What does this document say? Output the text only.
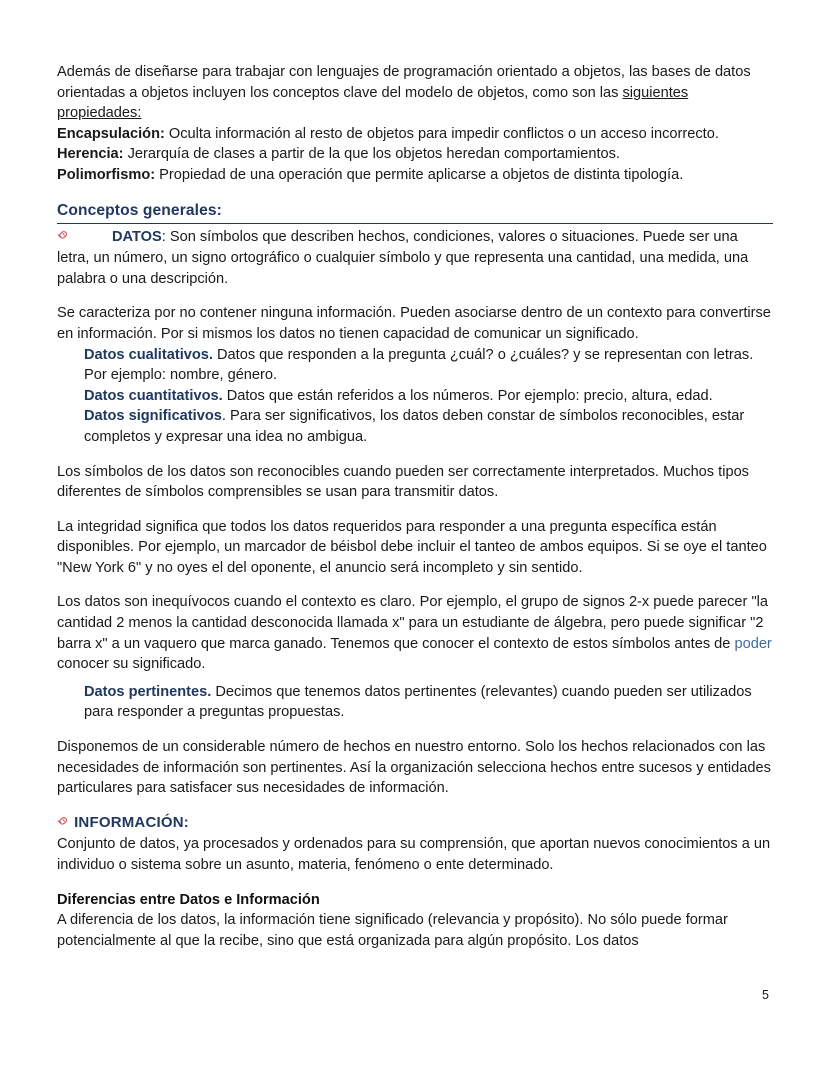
Además de diseñarse para trabajar con lenguajes de programación orientado a objetos, las bases de datos orientadas a objetos incluyen los conceptos clave del modelo de objetos, como son las siguientes propiedades:

Encapsulación: Oculta información al resto de objetos para impedir conflictos o un acceso incorrecto.

Herencia: Jerarquía de clases a partir de la que los objetos heredan comportamientos.

Polimorfismo: Propiedad de una operación que permite aplicarse a objetos de distinta tipología.

Conceptos generales:

DATOS: Son símbolos que describen hechos, condiciones, valores o situaciones. Puede ser una letra, un número, un signo ortográfico o cualquier símbolo y que representa una cantidad, una medida, una palabra o una descripción.

Se caracteriza por no contener ninguna información. Pueden asociarse dentro de un contexto para convertirse en información. Por si mismos los datos no tienen capacidad de comunicar un significado.

Datos cualitativos. Datos que responden a la pregunta ¿cuál? o ¿cuáles? y se representan con letras. Por ejemplo: nombre, género.

Datos cuantitativos. Datos que están referidos a los números. Por ejemplo: precio, altura, edad.

Datos significativos. Para ser significativos, los datos deben constar de símbolos reconocibles, estar completos y expresar una idea no ambigua.

Los símbolos de los datos son reconocibles cuando pueden ser correctamente interpretados. Muchos tipos diferentes de símbolos comprensibles se usan para transmitir datos.

La integridad significa que todos los datos requeridos para responder a una pregunta específica están disponibles. Por ejemplo, un marcador de béisbol debe incluir el tanteo de ambos equipos. Si se oye el tanteo "New York 6" y no oyes el del oponente, el anuncio será incompleto y sin sentido.

Los datos son inequívocos cuando el contexto es claro. Por ejemplo, el grupo de signos 2-x puede parecer "la cantidad 2 menos la cantidad desconocida llamada x" para un estudiante de álgebra, pero puede significar "2 barra x" a un vaquero que marca ganado. Tenemos que conocer el contexto de estos símbolos antes de poder conocer su significado.

Datos pertinentes. Decimos que tenemos datos pertinentes (relevantes) cuando pueden ser utilizados para responder a preguntas propuestas.

Disponemos de un considerable número de hechos en nuestro entorno. Solo los hechos relacionados con las necesidades de información son pertinentes. Así la organización selecciona hechos entre sucesos y entidades particulares para satisfacer sus necesidades de información.

INFORMACIÓN:

Conjunto de datos, ya procesados y ordenados para su comprensión, que aportan nuevos conocimientos a un individuo o sistema sobre un asunto, materia, fenómeno o ente determinado.

Diferencias entre Datos e Información

A diferencia de los datos, la información tiene significado (relevancia y propósito). No sólo puede formar potencialmente al que la recibe, sino que está organizada para algún propósito. Los datos

5
